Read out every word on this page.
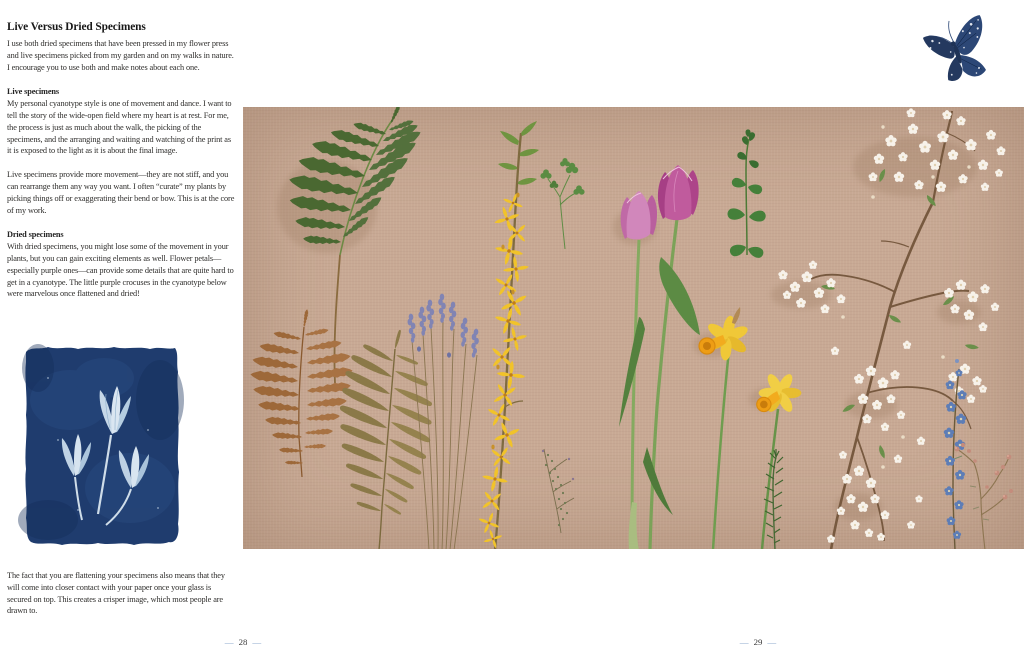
Live Versus Dried Specimens

I use both dried specimens that have been pressed in my flower press and live specimens picked from my garden and on my walks in nature. I encourage you to use both and make notes about each one.

Live specimens

My personal cyanotype style is one of movement and dance. I want to tell the story of the wide-open field where my heart is at rest. For me, the process is just as much about the walk, the picking of the specimens, and the arranging and waiting and watching of the print as it is exposed to the light as it is about the final image.

Live specimens provide more movement—they are not stiff, and you can rearrange them any way you want. I often “curate” my plants by picking things off or exaggerating their bend or bow. This is at the core of my work.

Dried specimens

With dried specimens, you might lose some of the movement in your plants, but you can gain exciting elements as well. Flower petals—especially purple ones—can provide some details that are quite hard to get in a cyanotype. The little purple crocuses in the cyanotype below were marvelous once flattened and dried!

The fact that you are flattening your specimens also means that they will come into closer contact with your paper once your glass is secured on top. This creates a crisper image, which most people are drawn to.

— 28 —	— 29 —
